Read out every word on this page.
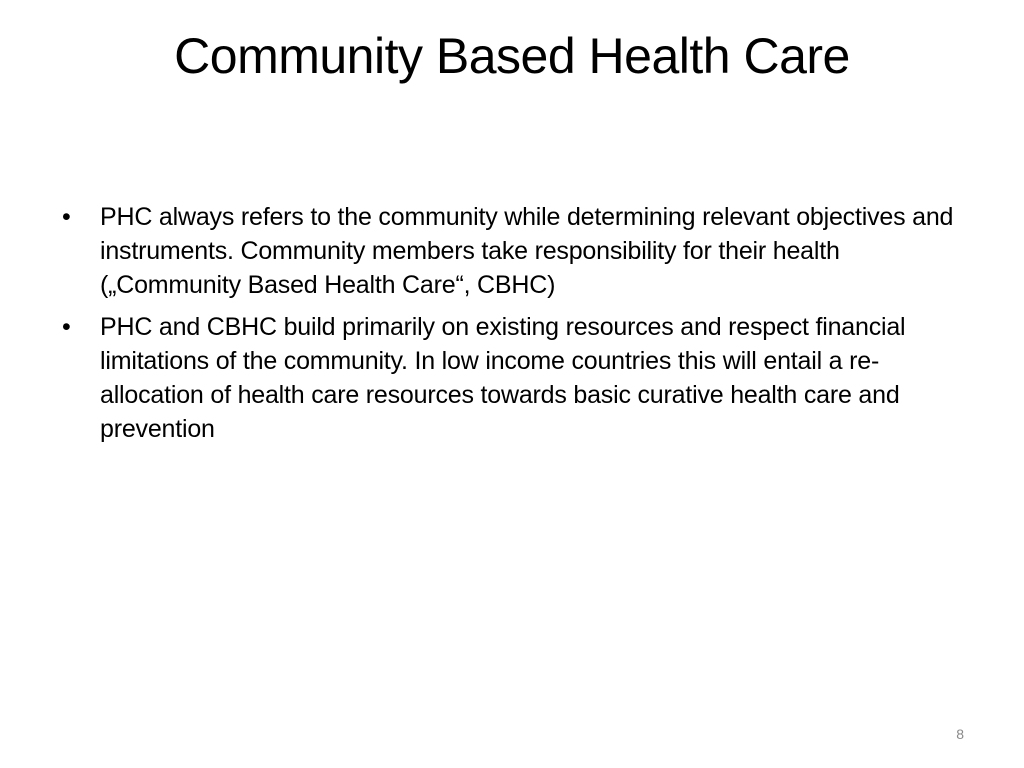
Community Based Health Care
•	PHC always refers to the community while determining relevant objectives and instruments. Community members take responsibility for their health („Community Based Health Care“, CBHC)
•	PHC and CBHC build primarily on existing resources and respect financial limitations of the community. In low income countries this will entail a re-allocation of health care resources towards basic curative health care and prevention
8
